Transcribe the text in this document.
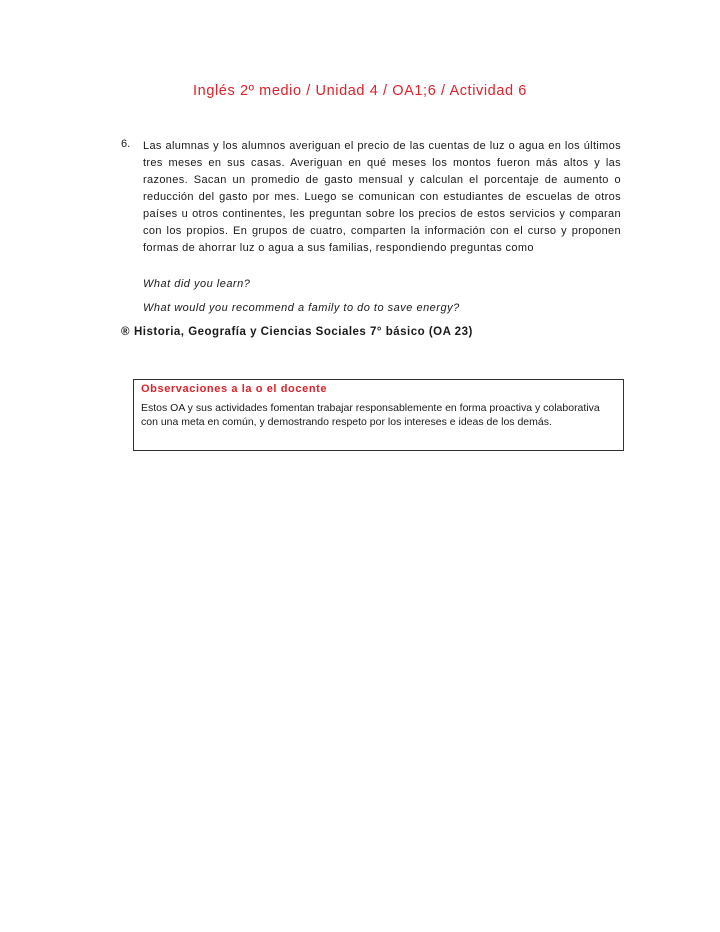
Inglés 2º medio / Unidad 4 / OA1;6 / Actividad 6
6. Las alumnas y los alumnos averiguan el precio de las cuentas de luz o agua en los últimos tres meses en sus casas. Averiguan en qué meses los montos fueron más altos y las razones. Sacan un promedio de gasto mensual y calculan el porcentaje de aumento o reducción del gasto por mes. Luego se comunican con estudiantes de escuelas de otros países u otros continentes, les preguntan sobre los precios de estos servicios y comparan con los propios. En grupos de cuatro, comparten la información con el curso y proponen formas de ahorrar luz o agua a sus familias, respondiendo preguntas como
What did you learn?
What would you recommend a family to do to save energy?
® Historia, Geografía y Ciencias Sociales 7° básico (OA 23)
Observaciones a la o el docente
Estos OA y sus actividades fomentan trabajar responsablemente en forma proactiva y colaborativa con una meta en común, y demostrando respeto por los intereses e ideas de los demás.
